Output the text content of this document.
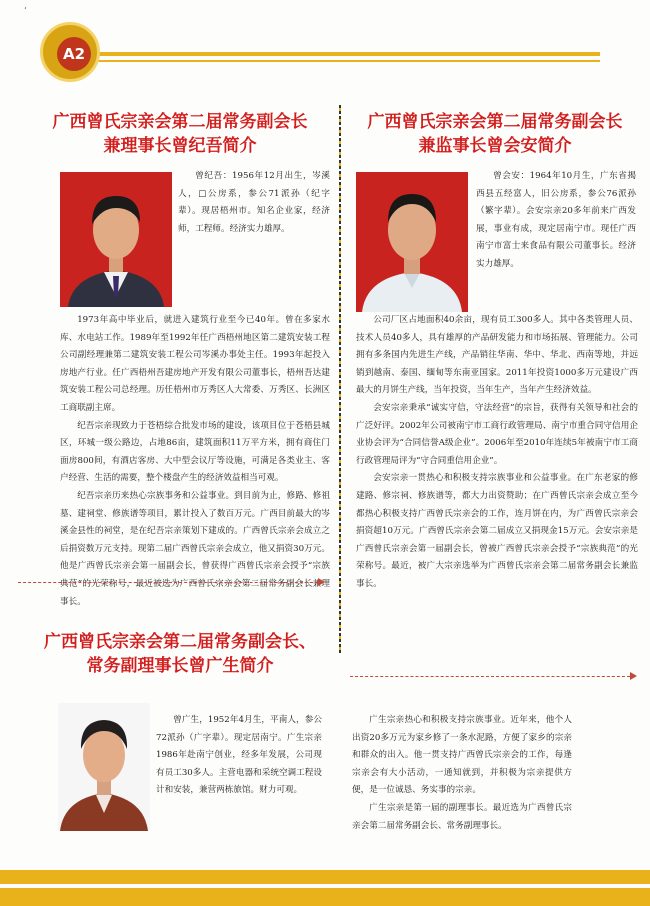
‘
A2
广西曾氏宗亲会第二届常务副会长
兼理事长曾纪吾简介

曾纪吾：1956年12月出生，岑溪人，□公房系，参公71派孙（纪字辈）。现居梧州市。知名企业家，经济师，工程师。经济实力雄厚。

1973年高中毕业后，就进入建筑行业至今已40年。曾在多家水库、水电站工作。1989年至1992年任广西梧州地区第二建筑安装工程公司副经理兼第二建筑安装工程公司岑溪办事处主任。1993年起投入房地产行业。任广西梧州吾建房地产开发有限公司董事长，梧州吾达建筑安装工程公司总经理。历任梧州市万秀区人大常委、万秀区、长洲区工商联副主席。

纪吾宗亲现致力于苍梧综合批发市场的建设，该项目位于苍梧县城区，环城一级公路边，占地86亩，建筑面积11万平方米，拥有商住门面房800间，有酒店客房、大中型会议厅等设施，可满足各类业主、客户经营、生活的需要，整个楼盘产生的经济效益相当可观。

纪吾宗亲历来热心宗族事务和公益事业。到目前为止，修路、修祖墓、建祠堂、修族谱等项目，累计投入了数百万元。广西目前最大的岑溪金县性的祠堂，是在纪吾宗亲策划下建成的。广西曾氏宗亲会成立之后捐资数万元支持。现第二届广西曾氏宗亲会成立，他又捐资30万元。他是广西曾氏宗亲会第一届副会长，曾获得广西曾氏宗亲会授予“宗族典范”的光荣称号，最近被选为广西曾氏宗亲会第二届常务副会长兼理事长。

广西曾氏宗亲会第二届常务副会长
兼监事长曾会安简介

曾会安：1964年10月生，广东省揭西县五经富人，旧公房系，参公76派孙（繁字辈）。会安宗亲20多年前来广西发展，事业有成，现定居南宁市。现任广西南宁市富士来食品有限公司董事长。经济实力雄厚。

公司厂区占地面积40余亩，现有员工300多人。其中各类管理人员、技术人员40多人，具有雄厚的产品研发能力和市场拓展、管理能力。公司拥有多条国内先进生产线，产品销往华南、华中、华北、西南等地，并远销到越南、泰国、缅甸等东南亚国家。2011年投资1000多万元建设广西最大的月饼生产线，当年投资，当年生产，当年产生经济效益。

会安宗亲秉承“诚实守信，守法经营”的宗旨，获得有关领导和社会的广泛好评。2002年公司被南宁市工商行政管理局、南宁市重合同守信用企业协会评为“合同信誉A级企业”。2006年至2010年连续5年被南宁市工商行政管理局评为“守合同重信用企业”。

会安宗亲一贯热心和积极支持宗族事业和公益事业。在广东老家的修建路、修宗祠、修族谱等，都大力出资赞助；在广西曾氏宗亲会成立至今都热心积极支持广西曾氏宗亲会的工作，连月饼在内，为广西曾氏宗亲会捐资超10万元。广西曾氏宗亲会第二届成立又捐现金15万元。会安宗亲是广西曾氏宗亲会第一届副会长，曾被广西曾氏宗亲会授予“宗族典范”的光荣称号。最近，被广大宗亲选举为广西曾氏宗亲会第二届常务副会长兼监事长。

广西曾氏宗亲会第二届常务副会长、
常务副理事长曾广生简介

曾广生，1952年4月生，平南人，参公72派孙（广字辈）。现定居南宁。广生宗亲1986年赴南宁创业，经多年发展，公司现有员工30多人。主营电器和采统空调工程设计和安装，兼营两栋旅馆。财力可观。

广生宗亲热心和积极支持宗族事业。近年来，他个人出资20多万元为家乡修了一条水泥路，方便了家乡的宗亲和群众的出入。他一贯支持广西曾氏宗亲会的工作，每逢宗亲会有大小活动，一通知就到，并积极为宗亲提供方便，是一位诚恳、务实事的宗亲。

广生宗亲是第一届的副理事长。最近选为广西曾氏宗亲会第二届常务副会长、常务副理事长。
